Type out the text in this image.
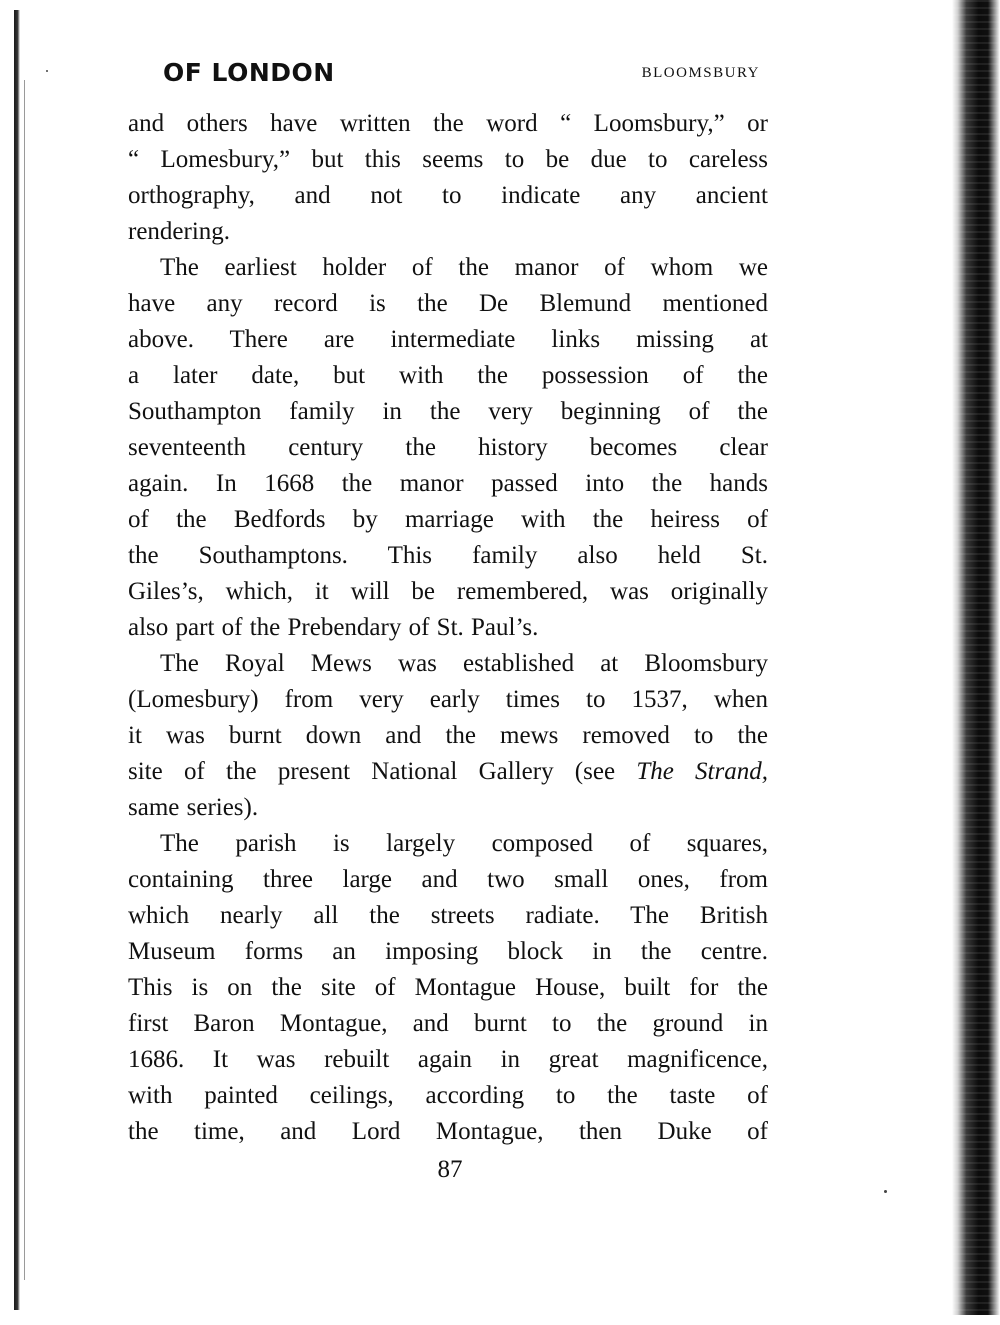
OF LONDON	BLOOMSBURY

and others have written the word “ Loomsbury,” or
“ Lomesbury,” but this seems to be due to careless
orthography, and not to indicate any ancient
rendering.

The earliest holder of the manor of whom we
have any record is the De Blemund mentioned
above. There are intermediate links missing at
a later date, but with the possession of the
Southampton family in the very beginning of the
seventeenth century the history becomes clear
again. In 1668 the manor passed into the hands
of the Bedfords by marriage with the heiress of
the Southamptons. This family also held St.
Giles’s, which, it will be remembered, was originally
also part of the Prebendary of St. Paul’s.

The Royal Mews was established at Bloomsbury
(Lomesbury) from very early times to 1537, when
it was burnt down and the mews removed to the
site of the present National Gallery (see The Strand,
same series).

The parish is largely composed of squares,
containing three large and two small ones, from
which nearly all the streets radiate. The British
Museum forms an imposing block in the centre.
This is on the site of Montague House, built for the
first Baron Montague, and burnt to the ground in
1686. It was rebuilt again in great magnificence,
with painted ceilings, according to the taste of
the time, and Lord Montague, then Duke of

87
